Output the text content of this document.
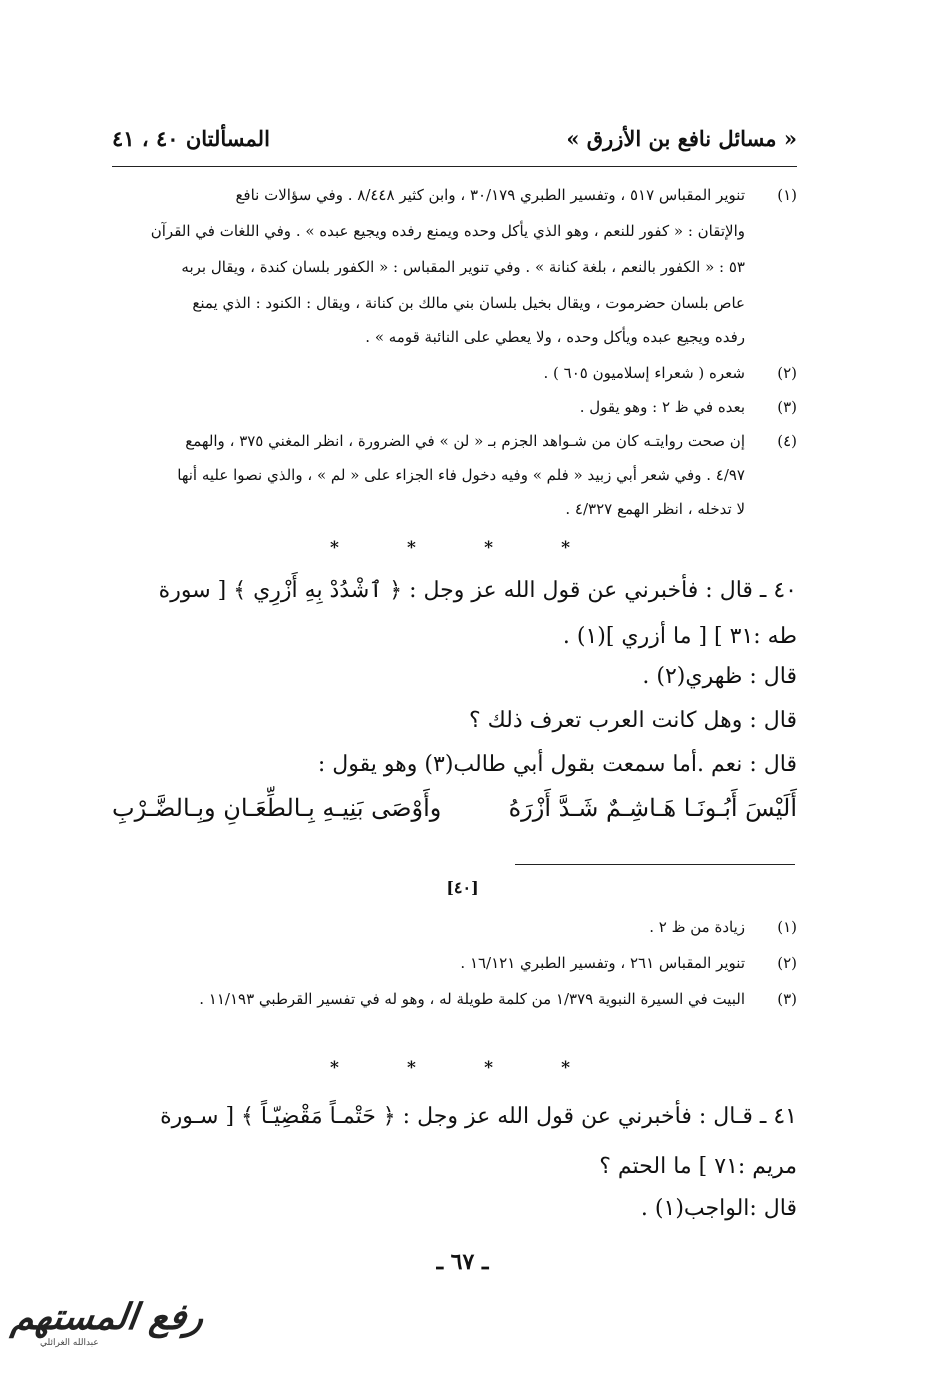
« مسائل نافع بن الأزرق »
المسألتان ٤٠ ، ٤١
(١)
تنوير المقباس ٥١٧ ، وتفسير الطبري ٣٠/١٧٩ ، وابن كثير ٨/٤٤٨ . وفي سؤالات نافع
والإتقان : « كفور للنعم ، وهو الذي يأكل وحده ويمنع رفده ويجيع عبده » . وفي اللغات في القرآن
٥٣ : « الكفور بالنعم ، بلغة كنانة » . وفي تنوير المقباس : « الكفور بلسان كندة ، ويقال بربه
عاص بلسان حضرموت ، ويقال بخيل بلسان بني مالك بن كنانة ، ويقال : الكنود : الذي يمنع
رفده ويجيع عبده ويأكل وحده ، ولا يعطي على النائبة قومه » .
(٢)
شعره ( شعراء إسلاميون ٦٠٥ ) .
(٣)
بعده في ظ ٢ : وهو يقول .
(٤)
إن صحت روايتـه كان من شـواهد الجزم بـ « لن » في الضرورة ، انظر المغني ٣٧٥ ، والهمع
٤/٩٧ . وفي شعر أبي زبيد « فلم » وفيه دخول فاء الجزاء على « لم » ، والذي نصوا عليه أنها
لا تدخله ، انظر الهمع ٤/٣٢٧ .
*	*	*	*
٤٠ ـ قال : فأخبرني عن قول الله عز وجل : ﴿ ٱشْدُدْ بِهِ أَزْرِي ﴾ [ سورة
طه :٣١ ] [ ما أزري ](١) .
قال : ظهري(٢) .
قال : وهل كانت العرب تعرف ذلك ؟
قال : نعم .أما سمعت بقول أبي طالب(٣) وهو يقول :
أَلَيْسَ أَبُـونَـا هَـاشِـمٌ شَـدَّ أَزْرَهُ
وأَوْصَى بَنِيـهِ بِـالطِّعَـانِ وبِـالضَّـرْبِ
[٤٠]
(١)
زيادة من ظ ٢ .
(٢)
تنوير المقباس ٢٦١ ، وتفسير الطبري ١٦/١٢١ .
(٣)
البيت في السيرة النبوية ١/٣٧٩ من كلمة طويلة له ، وهو له في تفسير القرطبي ١١/١٩٣ .
*	*	*	*
٤١ ـ قـال : فأخبرني عن قول الله عز وجل : ﴿ حَتْمـاً مَقْضِيّـاً ﴾ [ سـورة
مريم :٧١ ] ما الحتم ؟
قال :الواجب(١) .
ـ ٦٧ ـ
رفع المستهم
عبدالله الغرائلي
